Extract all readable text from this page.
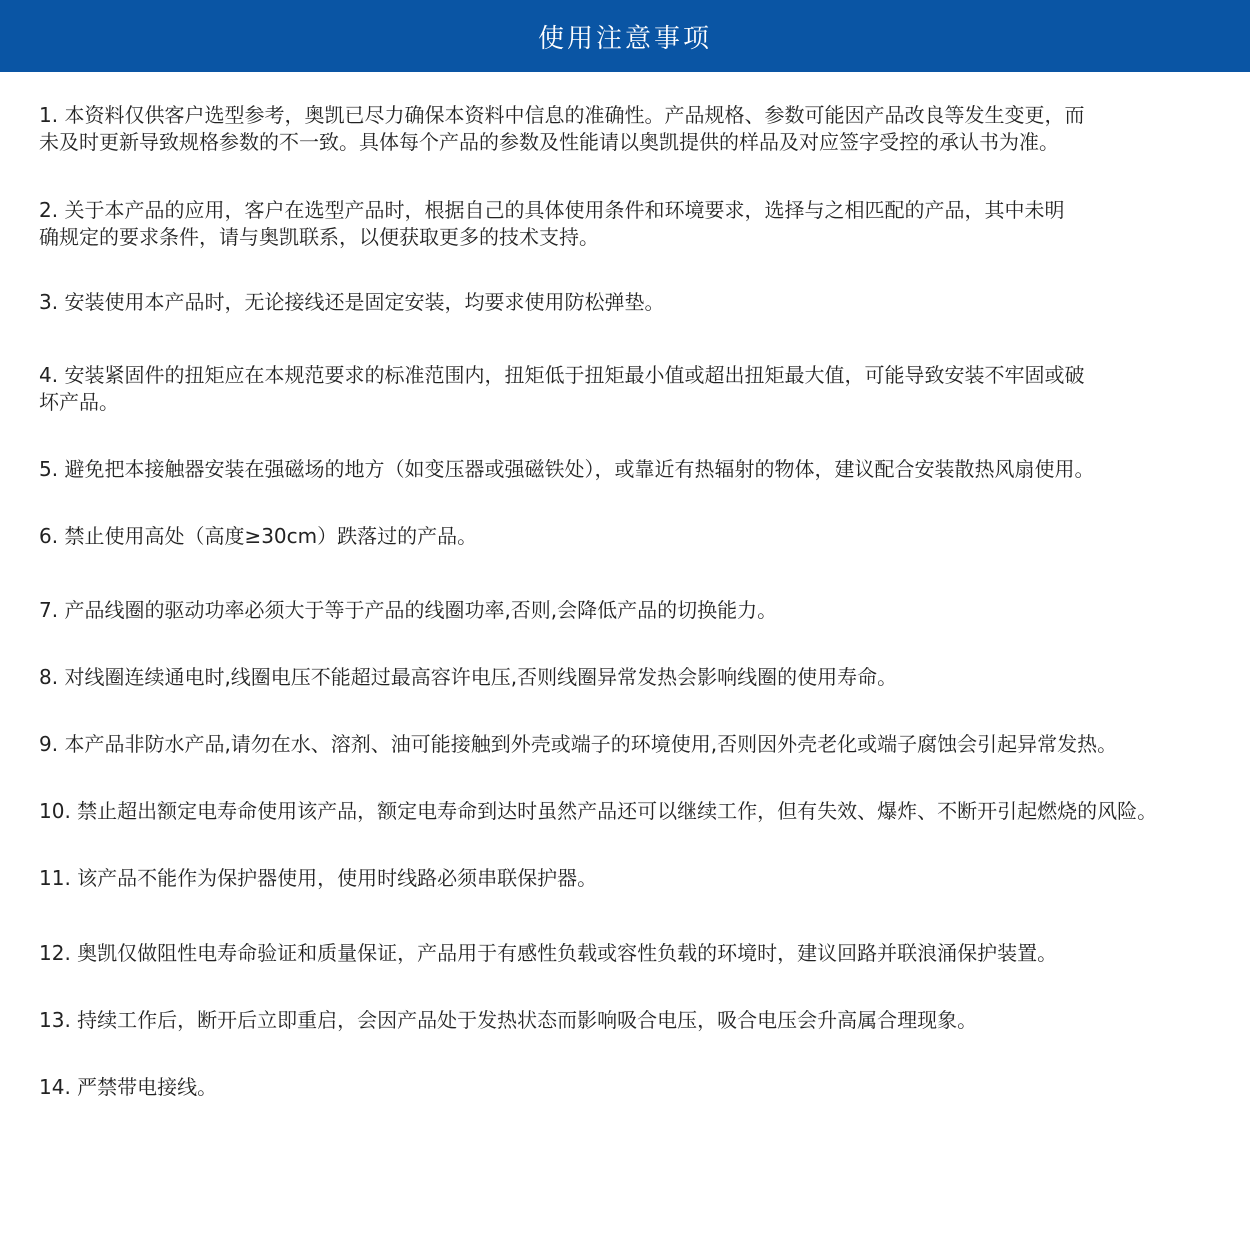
使用注意事项
1. 本资料仅供客户选型参考，奥凯已尽力确保本资料中信息的准确性。产品规格、参数可能因产品改良等发生变更，而
未及时更新导致规格参数的不一致。具体每个产品的参数及性能请以奥凯提供的样品及对应签字受控的承认书为准。
2. 关于本产品的应用，客户在选型产品时，根据自己的具体使用条件和环境要求，选择与之相匹配的产品，其中未明
确规定的要求条件，请与奥凯联系，以便获取更多的技术支持。
3. 安装使用本产品时，无论接线还是固定安装，均要求使用防松弹垫。
4. 安装紧固件的扭矩应在本规范要求的标准范围内，扭矩低于扭矩最小值或超出扭矩最大值，可能导致安装不牢固或破
坏产品。
5. 避免把本接触器安装在强磁场的地方（如变压器或强磁铁处），或靠近有热辐射的物体，建议配合安装散热风扇使用。
6. 禁止使用高处（高度≥30cm）跌落过的产品。
7. 产品线圈的驱动功率必须大于等于产品的线圈功率,否则,会降低产品的切换能力。
8. 对线圈连续通电时,线圈电压不能超过最高容许电压,否则线圈异常发热会影响线圈的使用寿命。
9. 本产品非防水产品,请勿在水、溶剂、油可能接触到外壳或端子的环境使用,否则因外壳老化或端子腐蚀会引起异常发热。
10. 禁止超出额定电寿命使用该产品，额定电寿命到达时虽然产品还可以继续工作，但有失效、爆炸、不断开引起燃烧的风险。
11. 该产品不能作为保护器使用，使用时线路必须串联保护器。
12. 奥凯仅做阻性电寿命验证和质量保证，产品用于有感性负载或容性负载的环境时，建议回路并联浪涌保护装置。
13. 持续工作后，断开后立即重启，会因产品处于发热状态而影响吸合电压，吸合电压会升高属合理现象。
14. 严禁带电接线。
